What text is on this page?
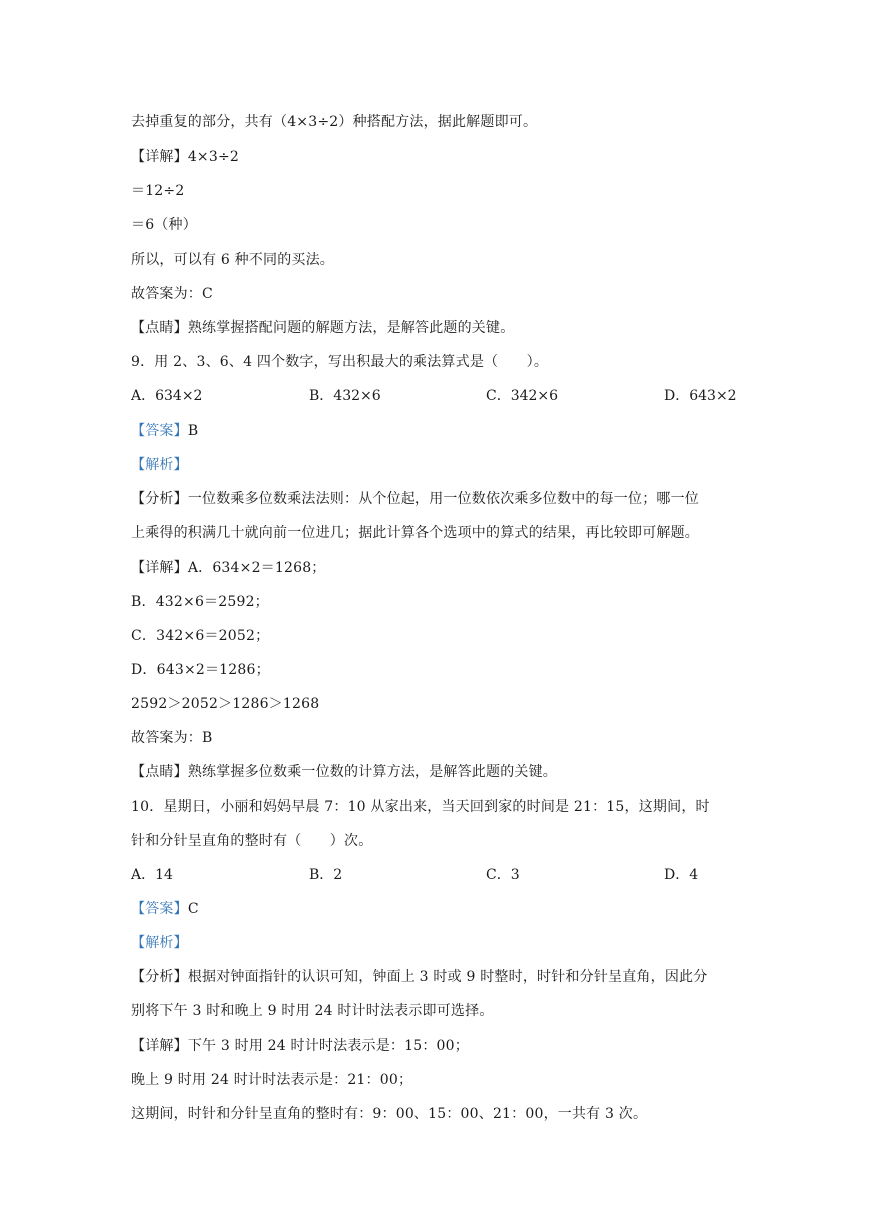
去掉重复的部分，共有（4×3÷2）种搭配方法，据此解题即可。
【详解】4×3÷2
＝12÷2
＝6（种）
所以，可以有 6 种不同的买法。
故答案为：C
【点睛】熟练掌握搭配问题的解题方法，是解答此题的关键。
9．用 2、3、6、4 四个数字，写出积最大的乘法算式是（　　）。
A．634×2	B．432×6	C．342×6	D．643×2
【答案】B
【解析】
【分析】一位数乘多位数乘法法则：从个位起，用一位数依次乘多位数中的每一位；哪一位
上乘得的积满几十就向前一位进几；据此计算各个选项中的算式的结果，再比较即可解题。
【详解】A．634×2＝1268；
B．432×6＝2592；
C．342×6＝2052；
D．643×2＝1286；
2592＞2052＞1286＞1268
故答案为：B
【点睛】熟练掌握多位数乘一位数的计算方法，是解答此题的关键。
10．星期日，小丽和妈妈早晨 7：10 从家出来，当天回到家的时间是 21：15，这期间，时
针和分针呈直角的整时有（　　）次。
A．14	B．2	C．3	D．4
【答案】C
【解析】
【分析】根据对钟面指针的认识可知，钟面上 3 时或 9 时整时，时针和分针呈直角，因此分
别将下午 3 时和晚上 9 时用 24 时计时法表示即可选择。
【详解】下午 3 时用 24 时计时法表示是：15：00；
晚上 9 时用 24 时计时法表示是：21：00；
这期间，时针和分针呈直角的整时有：9：00、15：00、21：00，一共有 3 次。
